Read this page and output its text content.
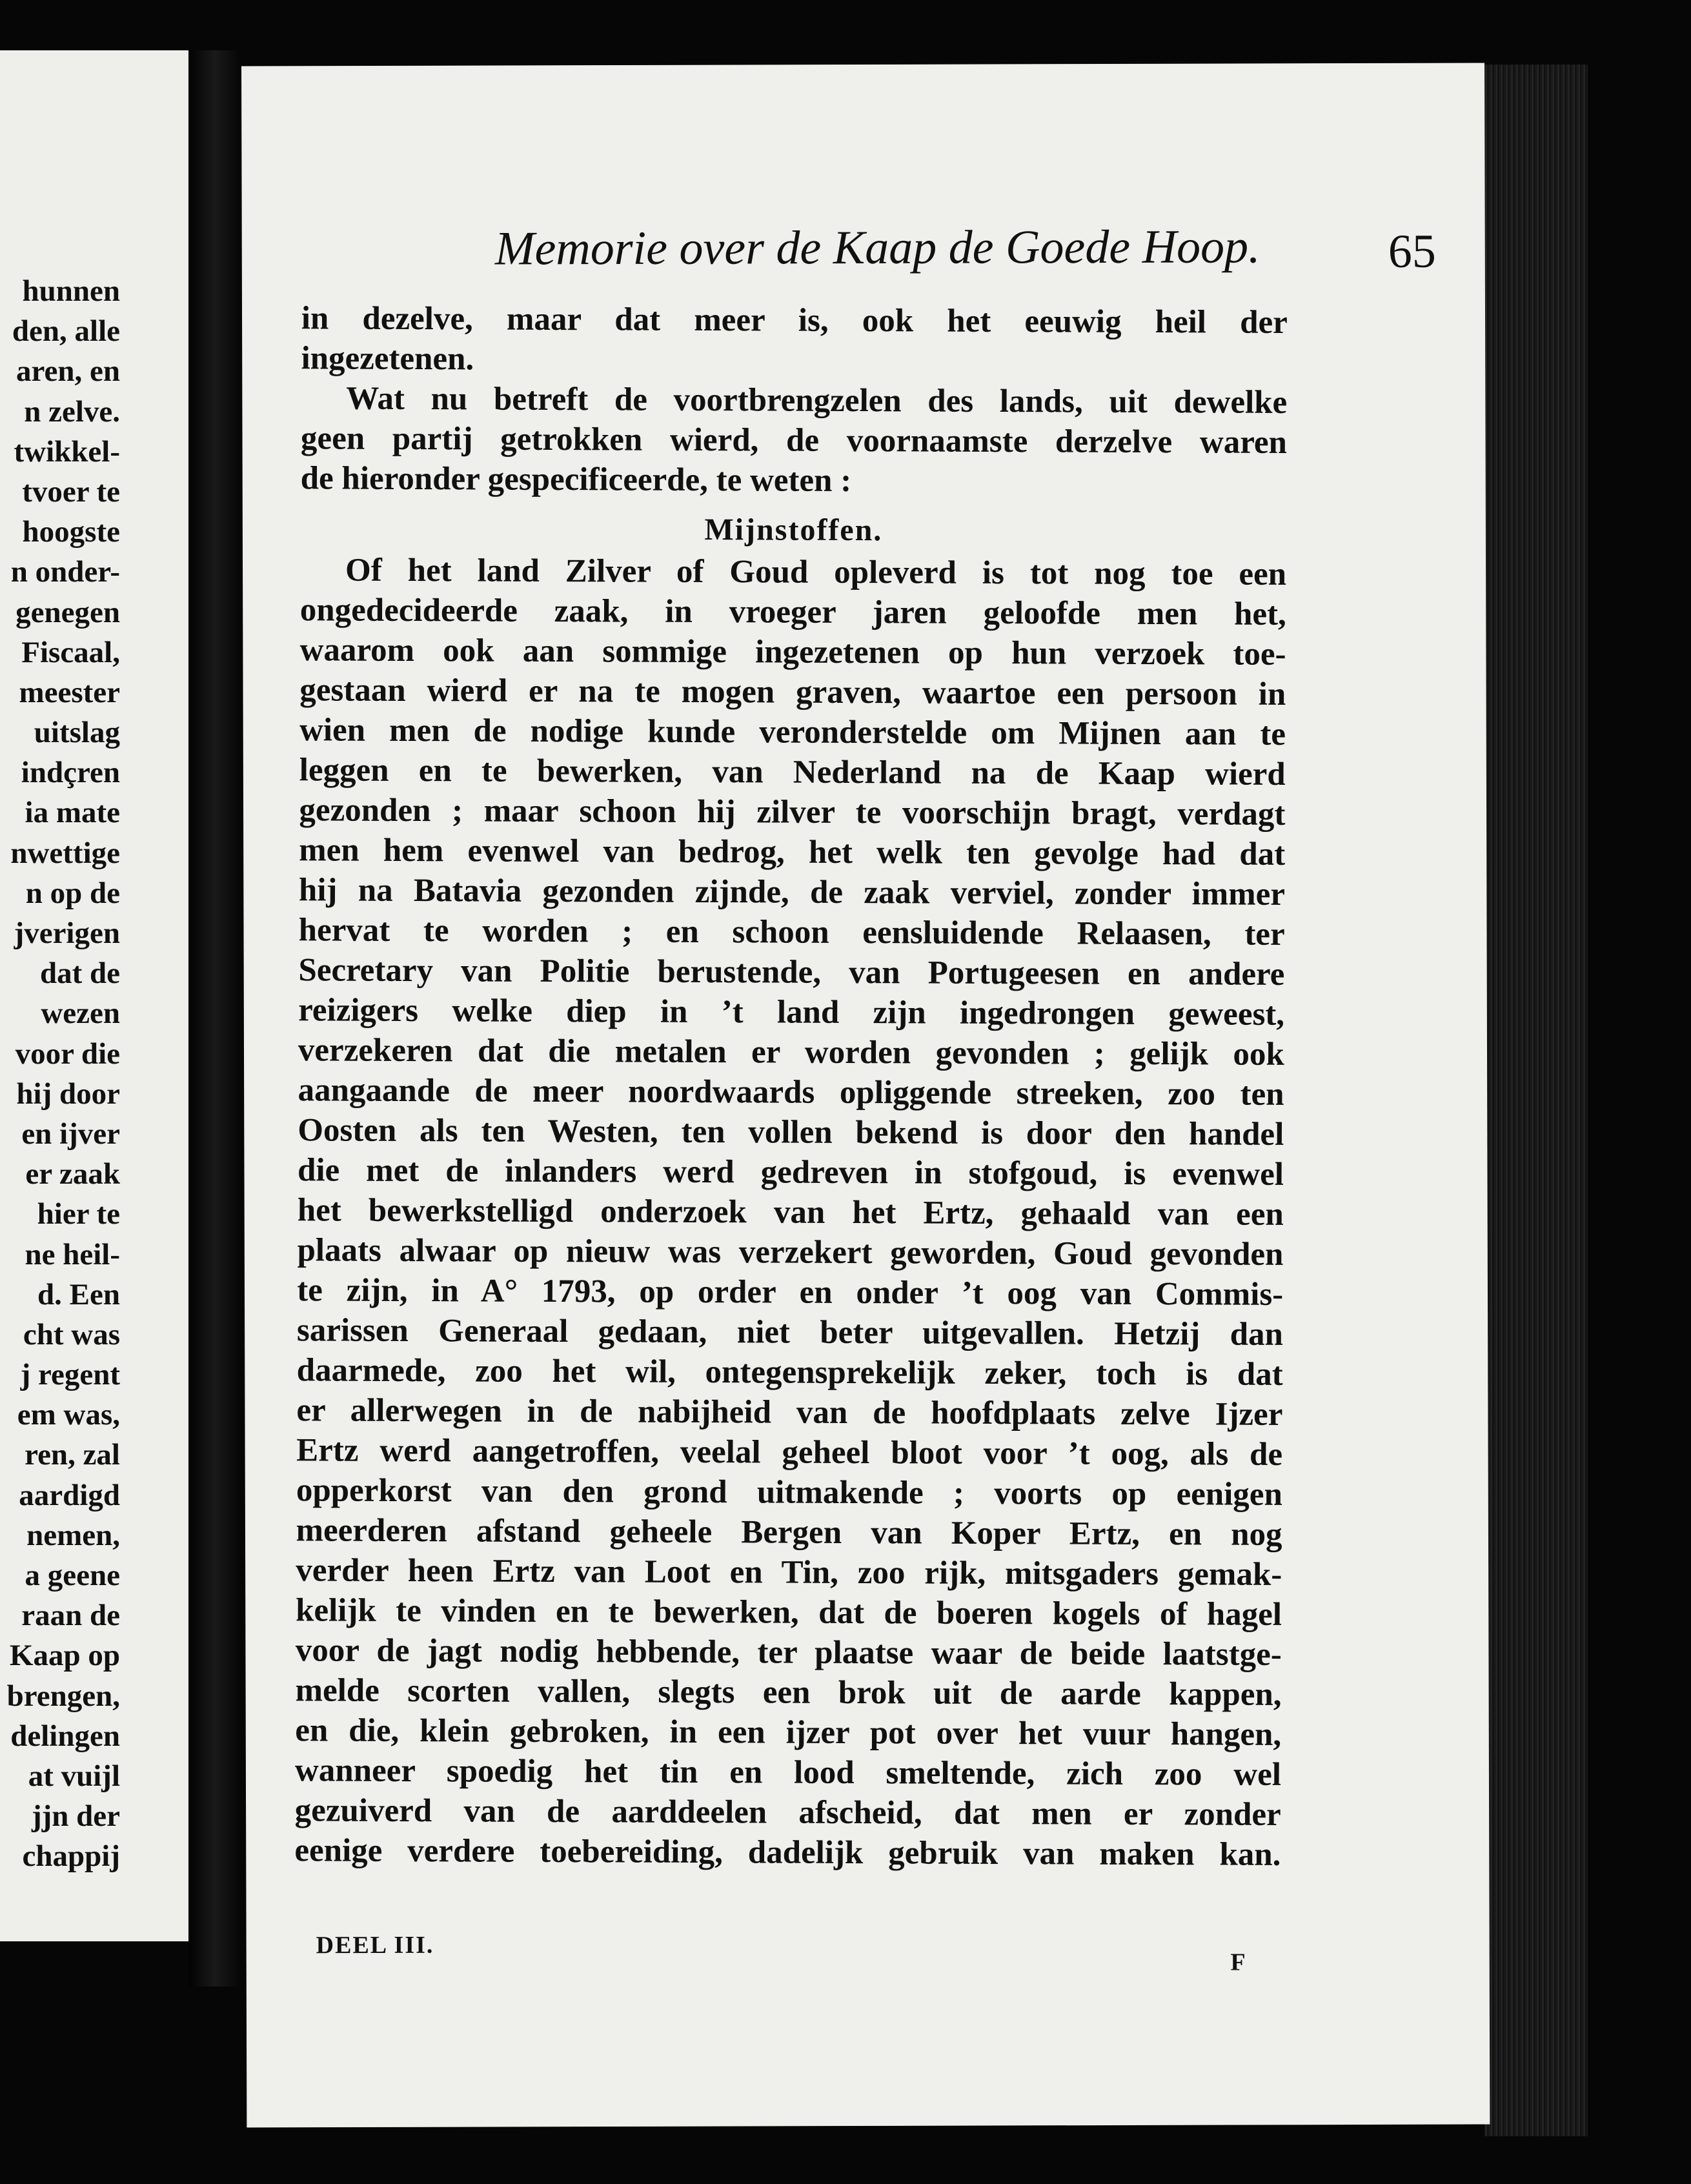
hunnen
den, alle
aren, en
n zelve.
twikkel-
tvoer te
hoogste
n onder-
genegen
Fiscaal,
meester
uitslag
indçren
ia mate
nwettige
n op de
jverigen
dat de
wezen
voor die
hij door
en ijver
er zaak
hier te
ne heil-
d. Een
cht was
j regent
em was,
ren, zal
aardigd
nemen,
a geene
raan de
Kaap op
brengen,
delingen
at vuijl
jjn der
chappij
Memorie over de Kaap de Goede Hoop.	65
in dezelve, maar dat meer is, ook het eeuwig heil der
ingezetenen.
Wat nu betreft de voortbrengzelen des lands, uit dewelke
geen partij getrokken wierd, de voornaamste derzelve waren
de hieronder gespecificeerde, te weten :
Mijnstoffen.
Of het land Zilver of Goud opleverd is tot nog toe een
ongedecideerde zaak, in vroeger jaren geloofde men het,
waarom ook aan sommige ingezetenen op hun verzoek toe-
gestaan wierd er na te mogen graven, waartoe een persoon in
wien men de nodige kunde veronderstelde om Mijnen aan te
leggen en te bewerken, van Nederland na de Kaap wierd
gezonden ; maar schoon hij zilver te voorschijn bragt, verdagt
men hem evenwel van bedrog, het welk ten gevolge had dat
hij na Batavia gezonden zijnde, de zaak verviel, zonder immer
hervat te worden ; en schoon eensluidende Relaasen, ter
Secretary van Politie berustende, van Portugeesen en andere
reizigers welke diep in ’t land zijn ingedrongen geweest,
verzekeren dat die metalen er worden gevonden ; gelijk ook
aangaande de meer noordwaards opliggende streeken, zoo ten
Oosten als ten Westen, ten vollen bekend is door den handel
die met de inlanders werd gedreven in stofgoud, is evenwel
het bewerkstelligd onderzoek van het Ertz, gehaald van een
plaats alwaar op nieuw was verzekert geworden, Goud gevonden
te zijn, in A° 1793, op order en onder ’t oog van Commis-
sarissen Generaal gedaan, niet beter uitgevallen. Hetzij dan
daarmede, zoo het wil, ontegensprekelijk zeker, toch is dat
er allerwegen in de nabijheid van de hoofdplaats zelve Ijzer
Ertz werd aangetroffen, veelal geheel bloot voor ’t oog, als de
opperkorst van den grond uitmakende ; voorts op eenigen
meerderen afstand geheele Bergen van Koper Ertz, en nog
verder heen Ertz van Loot en Tin, zoo rijk, mitsgaders gemak-
kelijk te vinden en te bewerken, dat de boeren kogels of hagel
voor de jagt nodig hebbende, ter plaatse waar de beide laatstge-
melde scorten vallen, slegts een brok uit de aarde kappen,
en die, klein gebroken, in een ijzer pot over het vuur hangen,
wanneer spoedig het tin en lood smeltende, zich zoo wel
gezuiverd van de aarddeelen afscheid, dat men er zonder
eenige verdere toebereiding, dadelijk gebruik van maken kan.
DEEL III.
F
